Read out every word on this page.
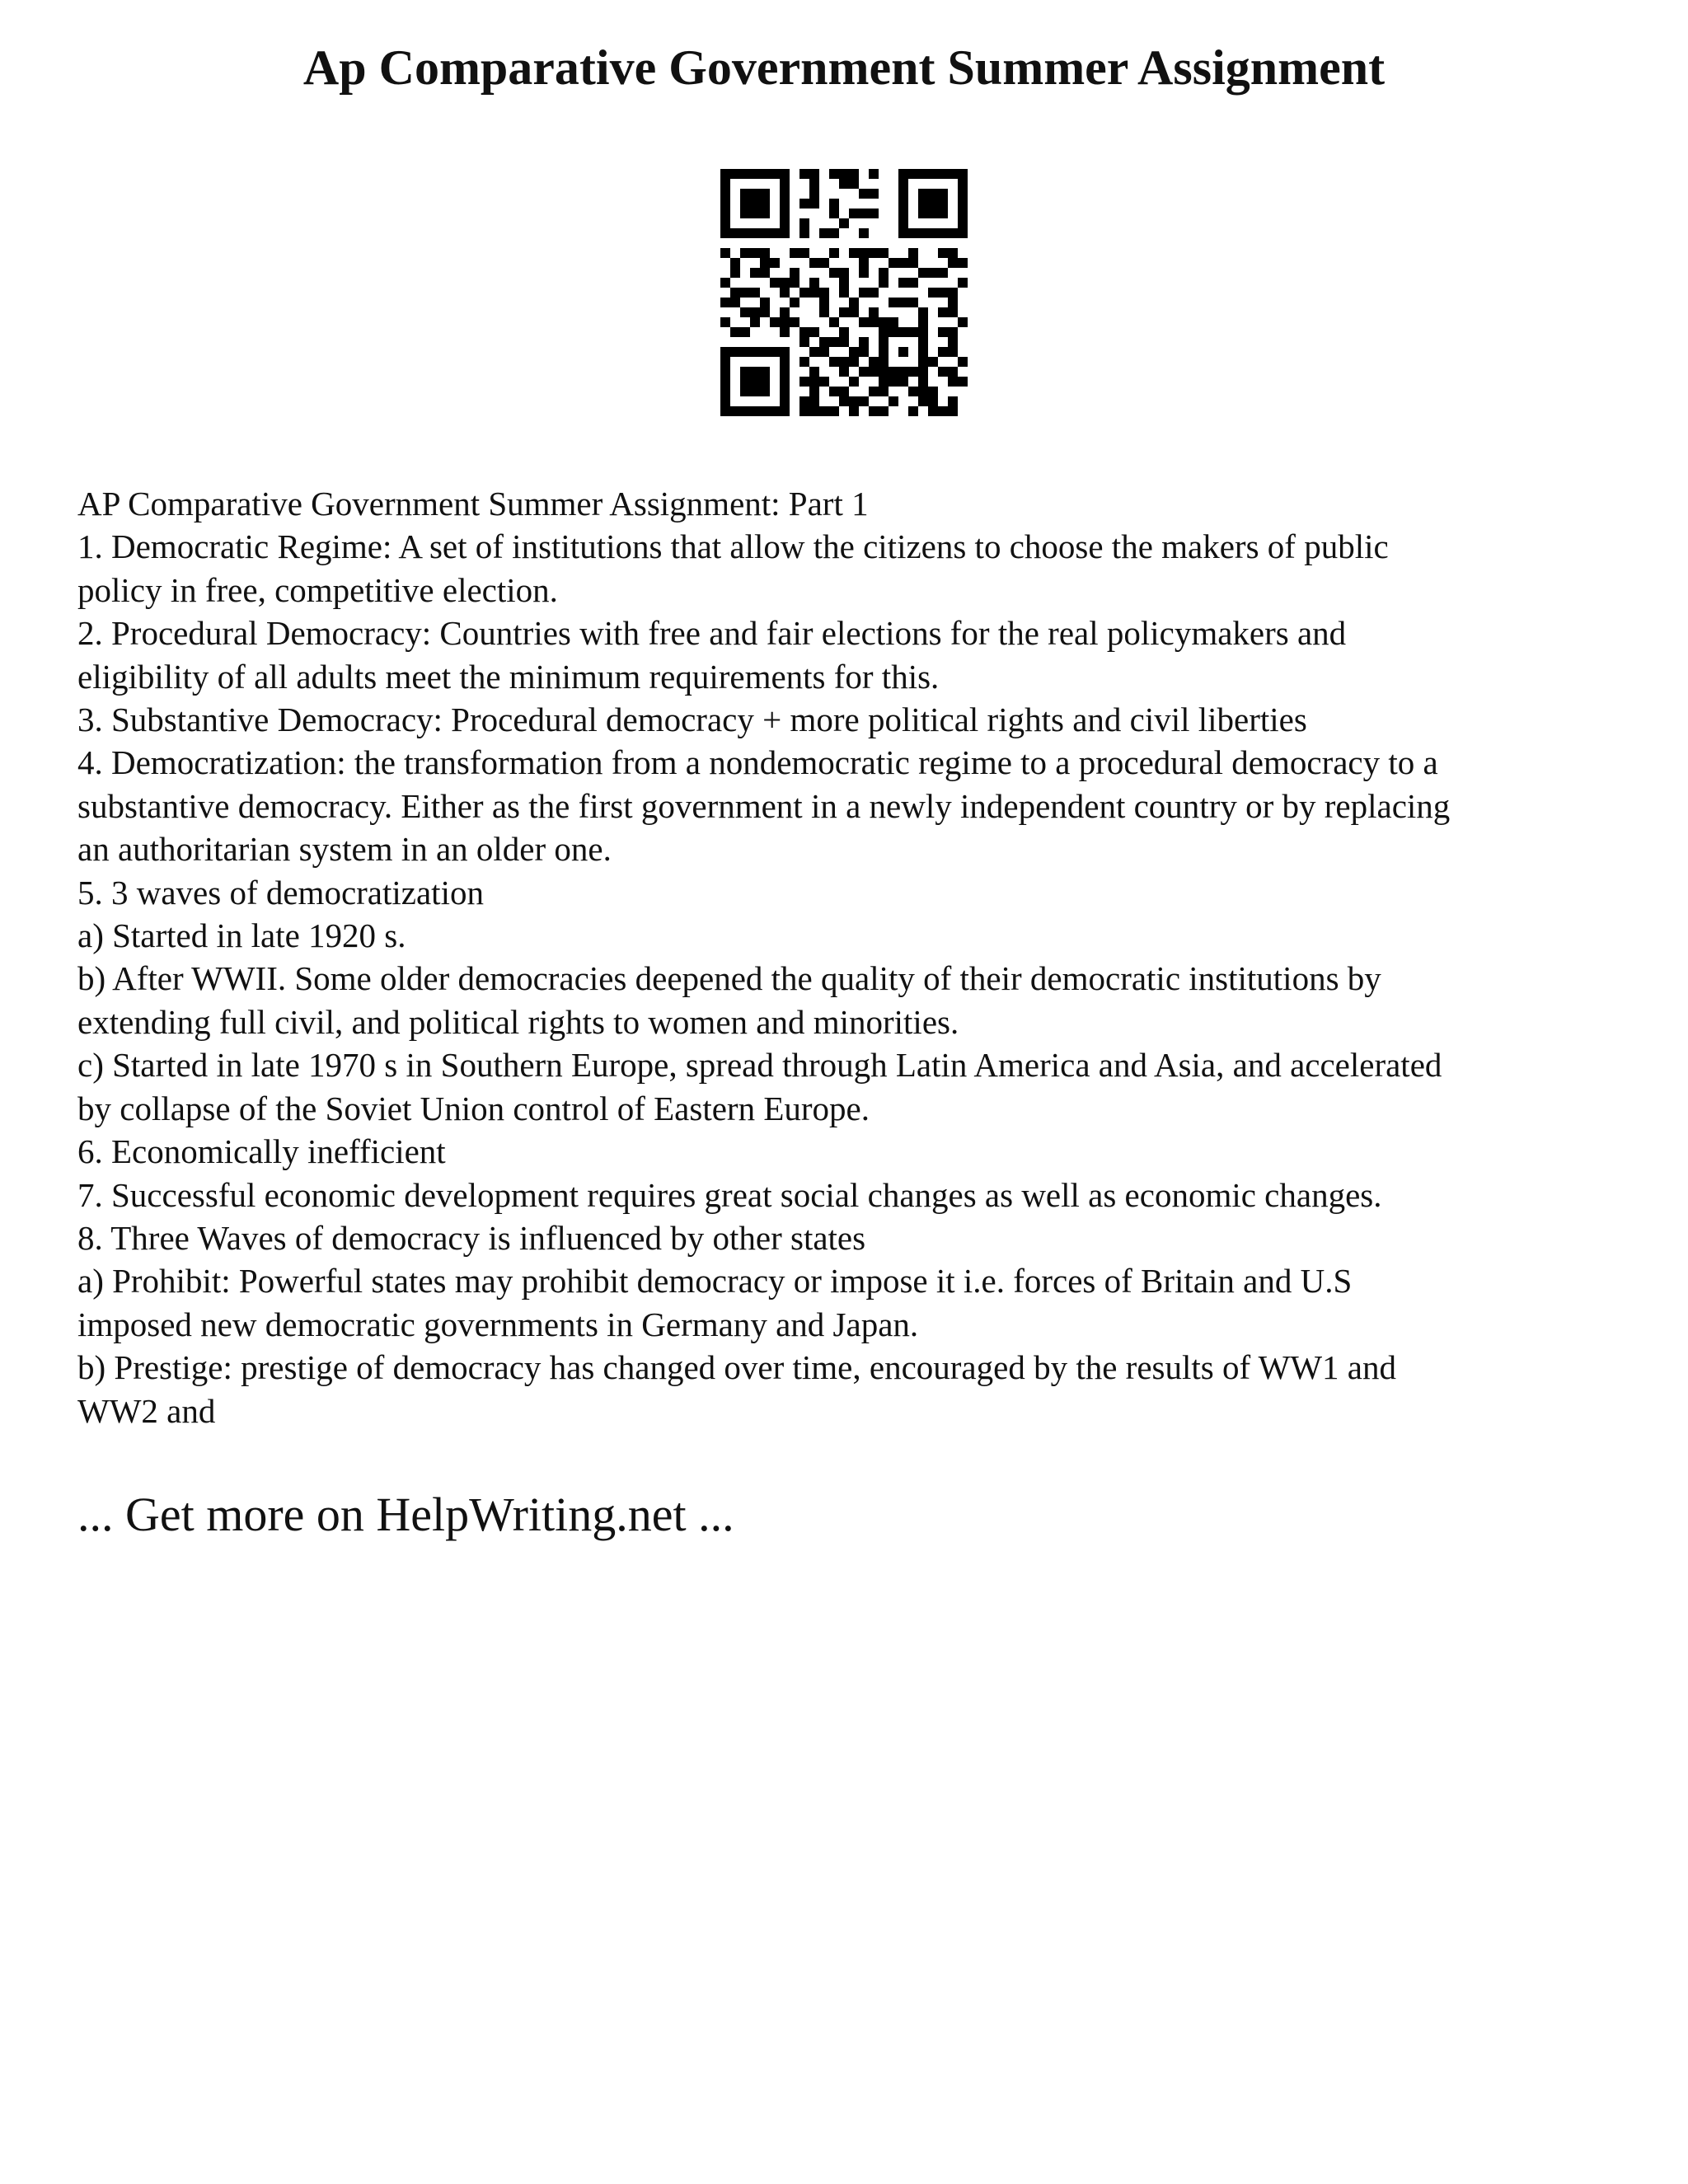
Ap Comparative Government Summer Assignment
AP Comparative Government Summer Assignment: Part 1
1. Democratic Regime: A set of institutions that allow the citizens to choose the makers of public
policy in free, competitive election.
2. Procedural Democracy: Countries with free and fair elections for the real policymakers and
eligibility of all adults meet the minimum requirements for this.
3. Substantive Democracy: Procedural democracy + more political rights and civil liberties
4. Democratization: the transformation from a nondemocratic regime to a procedural democracy to a
substantive democracy. Either as the first government in a newly independent country or by replacing
an authoritarian system in an older one.
5. 3 waves of democratization
a) Started in late 1920 s.
b) After WWII. Some older democracies deepened the quality of their democratic institutions by
extending full civil, and political rights to women and minorities.
c) Started in late 1970 s in Southern Europe, spread through Latin America and Asia, and accelerated
by collapse of the Soviet Union control of Eastern Europe.
6. Economically inefficient
7. Successful economic development requires great social changes as well as economic changes.
8. Three Waves of democracy is influenced by other states
a) Prohibit: Powerful states may prohibit democracy or impose it i.e. forces of Britain and U.S
imposed new democratic governments in Germany and Japan.
b) Prestige: prestige of democracy has changed over time, encouraged by the results of WW1 and
WW2 and
... Get more on HelpWriting.net ...
